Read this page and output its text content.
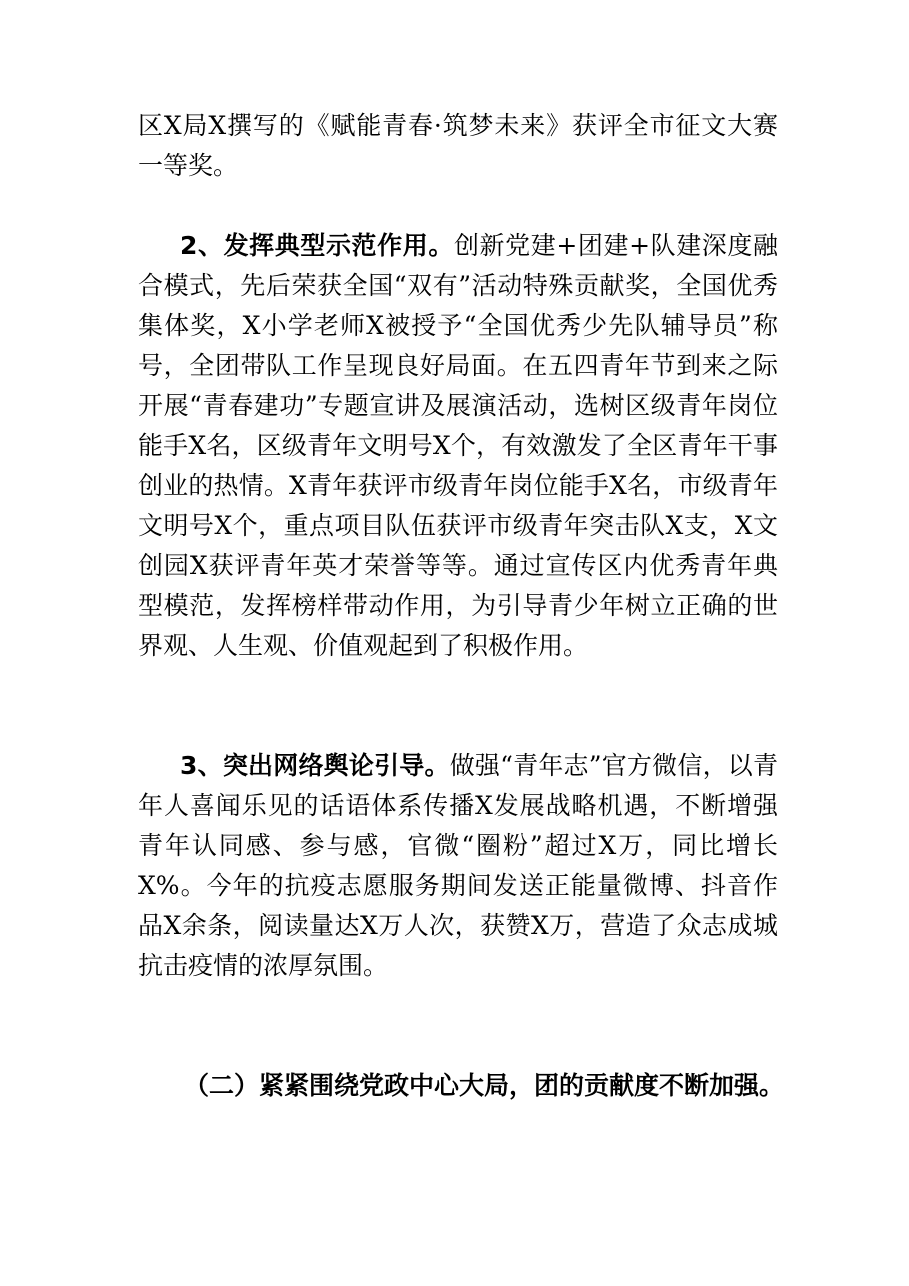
区X局X撰写的《赋能青春·筑梦未来》获评全市征文大赛一等奖。

2、发挥典型示范作用。创新党建+团建+队建深度融合模式，先后荣获全国“双有”活动特殊贡献奖，全国优秀集体奖，X小学老师X被授予“全国优秀少先队辅导员”称号，全团带队工作呈现良好局面。在五四青年节到来之际开展“青春建功”专题宣讲及展演活动，选树区级青年岗位能手X名，区级青年文明号X个，有效激发了全区青年干事创业的热情。X青年获评市级青年岗位能手X名，市级青年文明号X个，重点项目队伍获评市级青年突击队X支，X文创园X获评青年英才荣誉等等。通过宣传区内优秀青年典型模范，发挥榜样带动作用，为引导青少年树立正确的世界观、人生观、价值观起到了积极作用。

3、突出网络舆论引导。做强“青年志”官方微信，以青年人喜闻乐见的话语体系传播X发展战略机遇，不断增强青年认同感、参与感，官微“圈粉”超过X万，同比增长X%。今年的抗疫志愿服务期间发送正能量微博、抖音作品X余条，阅读量达X万人次，获赞X万，营造了众志成城抗击疫情的浓厚氛围。

（二）紧紧围绕党政中心大局，团的贡献度不断加强。
